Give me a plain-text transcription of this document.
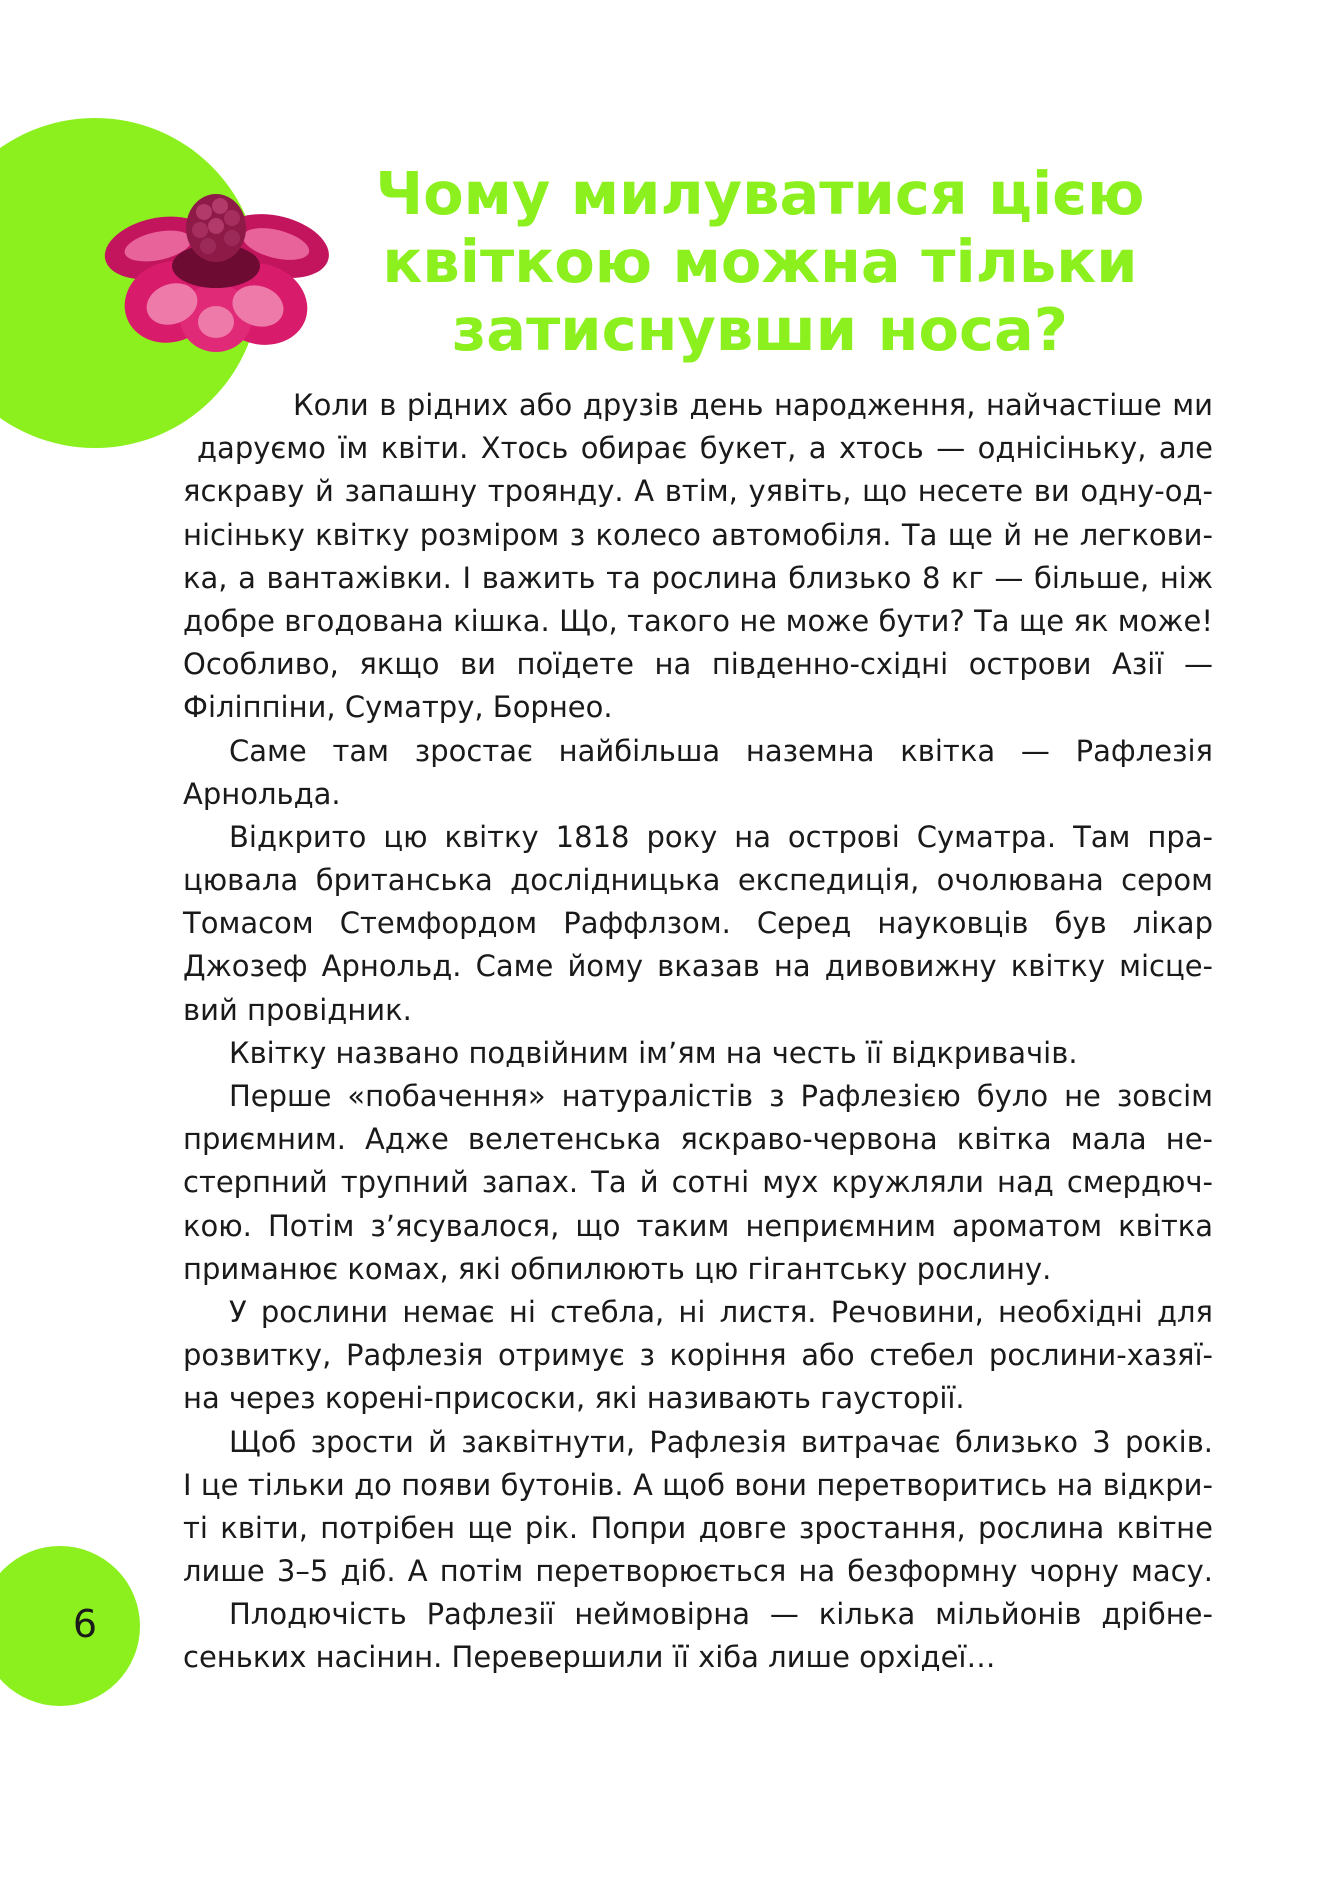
Чому милуватися цією
квіткою можна тільки
затиснувши носа?
Коли в рідних або друзів день народження, найчастіше ми
даруємо їм квіти. Хтось обирає букет, а хтось — однісіньку, але
яскраву й запашну троянду. А втім, уявіть, що несете ви одну-од-
нісіньку квітку розміром з колесо автомобіля. Та ще й не легкови-
ка, а вантажівки. І важить та рослина близько 8 кг — більше, ніж
добре вгодована кішка. Що, такого не може бути? Та ще як може!
Особливо, якщо ви поїдете на південно-східні острови Азії —
Філіппіни, Суматру, Борнео.
Саме там зростає найбільша наземна квітка — Рафлезія
Арнольда.
Відкрито цю квітку 1818 року на острові Суматра. Там пра-
цювала британська дослідницька експедиція, очолювана сером
Томасом Стемфордом Раффлзом. Серед науковців був лікар
Джозеф Арнольд. Саме йому вказав на дивовижну квітку місце-
вий провідник.
Квітку названо подвійним ім’ям на честь її відкривачів.
Перше «побачення» натуралістів з Рафлезією було не зовсім
приємним. Адже велетенська яскраво-червона квітка мала не-
стерпний трупний запах. Та й сотні мух кружляли над смердюч-
кою. Потім з’ясувалося, що таким неприємним ароматом квітка
приманює комах, які обпилюють цю гігантську рослину.
У рослини немає ні стебла, ні листя. Речовини, необхідні для
розвитку, Рафлезія отримує з коріння або стебел рослини-хазяї-
на через корені-присоски, які називають гаусторії.
Щоб зрости й заквітнути, Рафлезія витрачає близько 3 років.
І це тільки до появи бутонів. А щоб вони перетворитись на відкри-
ті квіти, потрібен ще рік. Попри довге зростання, рослина квітне
лише 3–5 діб. А потім перетворюється на безформну чорну масу.
Плодючість Рафлезії неймовірна — кілька мільйонів дрібне-
сеньких насінин. Перевершили її хіба лише орхідеї…
6
